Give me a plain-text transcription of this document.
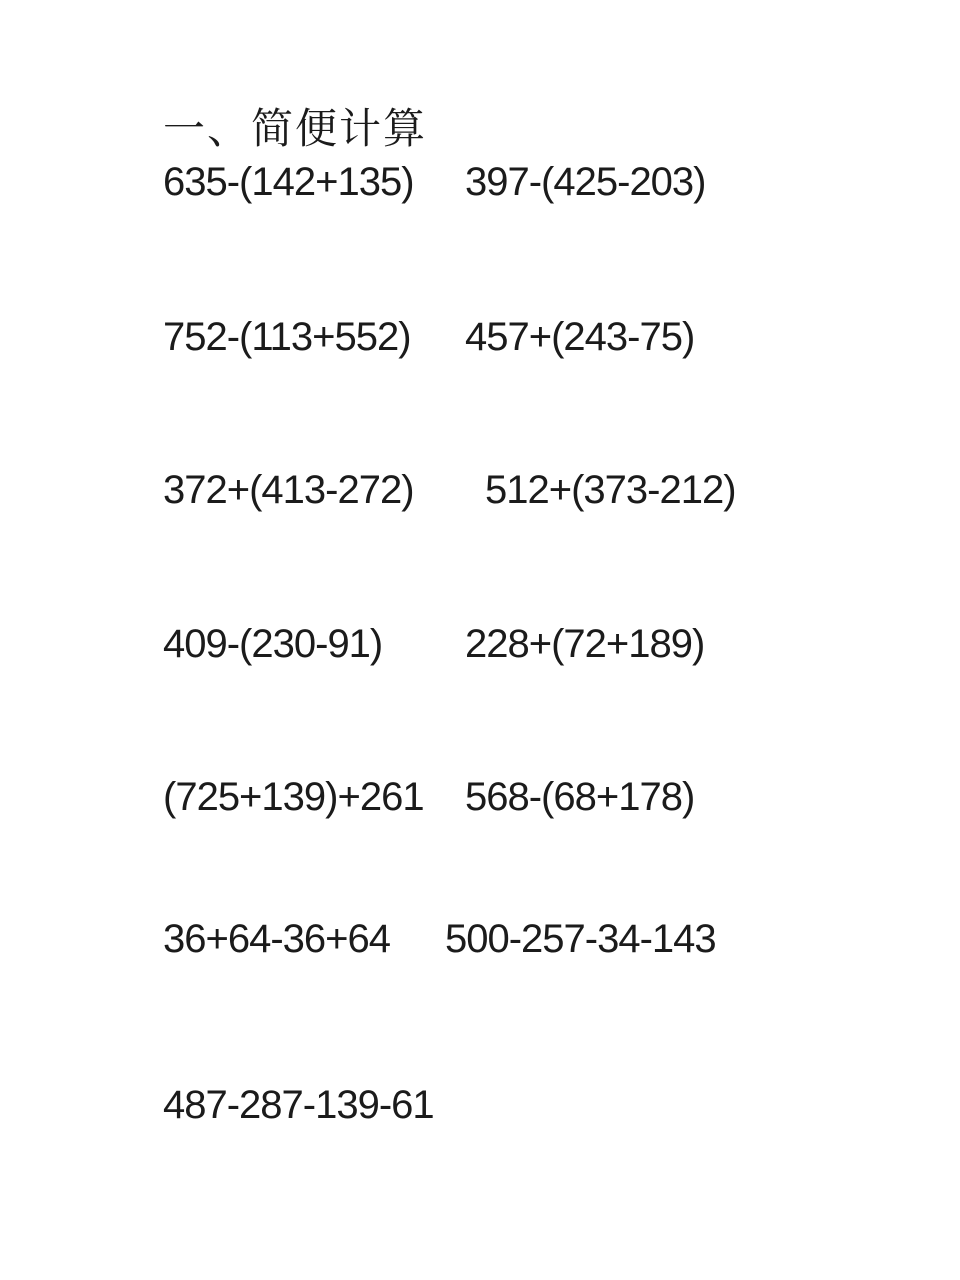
一、简便计算
635-(142+135)	397-(425-203)
752-(113+552)	457+(243-75)
372+(413-272)	512+(373-212)
409-(230-91)	228+(72+189)
(725+139)+261	568-(68+178)
36+64-36+64	500-257-34-143
487-287-139-61
